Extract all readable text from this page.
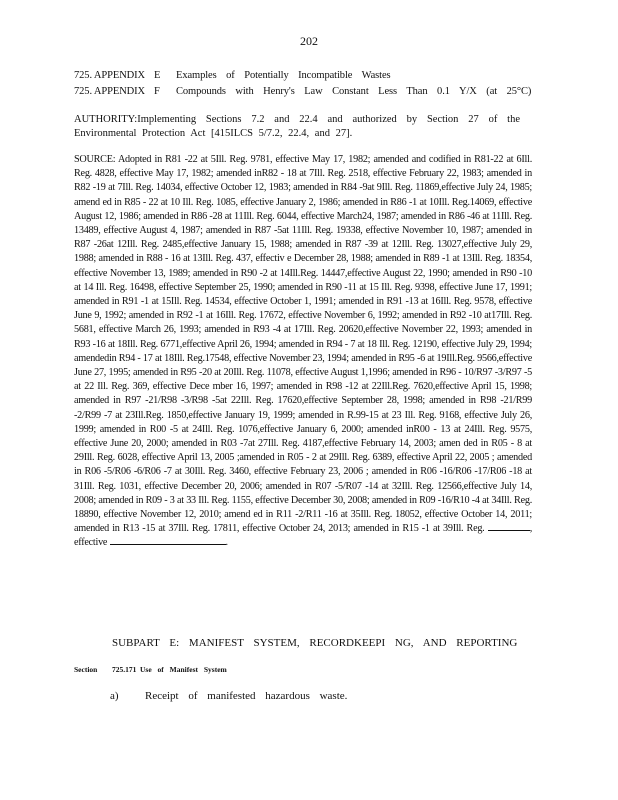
202
725. APPENDIX E Examples of Potentially Incompatible Wastes
725. APPENDIX F Compounds with Henry's Law Constant Less Than 0.1 Y/X (at 25°C)
AUTHORITY:Implementing Sections 7.2 and 22.4 and authorized by Section 27 of the Environmental Protection Act [415ILCS 5/7.2, 22.4, and 27].
SOURCE: Adopted in R81 -22 at 5Ill. Reg. 9781, effective May 17, 1982; amended and codified in R81-22 at 6Ill. Reg. 4828, effective May 17, 1982; amended inR82 - 18 at 7Ill. Reg. 2518, effective February 22, 1983; amended in R82 -19 at 7Ill. Reg. 14034, effective October 12, 1983; amended in R84 -9at 9Ill. Reg. 11869,effective July 24, 1985; amend ed in R85 - 22 at 10 Ill. Reg. 1085, effective January 2, 1986; amended in R86 -1 at 10Ill. Reg.14069, effective August 12, 1986; amended in R86 -28 at 11Ill. Reg. 6044, effective March24, 1987; amended in R86 -46 at 11Ill. Reg. 13489, effective August 4, 1987; amended in R87 -5at 11Ill. Reg. 19338, effective November 10, 1987; amended in R87 -26at 12Ill. Reg. 2485,effective January 15, 1988; amended in R87 -39 at 12Ill. Reg. 13027,effective July 29, 1988; amended in R88 - 16 at 13Ill. Reg. 437, effectiv e December 28, 1988; amended in R89 -1 at 13Ill. Reg. 18354, effective November 13, 1989; amended in R90 -2 at 14Ill.Reg. 14447,effective August 22, 1990; amended in R90 -10 at 14 Ill. Reg. 16498, effective September 25, 1990; amended in R90 -11 at 15 Ill. Reg. 9398, effective June 17, 1991; amended in R91 -1 at 15Ill. Reg. 14534, effective October 1, 1991; amended in R91 -13 at 16Ill. Reg. 9578, effective June 9, 1992; amended in R92 -1 at 16Ill. Reg. 17672, effective November 6, 1992; amended in R92 -10 at17Ill. Reg. 5681, effective March 26, 1993; amended in R93 -4 at 17Ill. Reg. 20620,effective November 22, 1993; amended in R93 -16 at 18Ill. Reg. 6771,effective April 26, 1994; amended in R94 - 7 at 18 Ill. Reg. 12190, effective July 29, 1994; amendedin R94 - 17 at 18Ill. Reg.17548, effective November 23, 1994; amended in R95 -6 at 19Ill.Reg. 9566,effective June 27, 1995; amended in R95 -20 at 20Ill. Reg. 11078, effective August 1,1996; amended in R96 - 10/R97 -3/R97 -5 at 22 Ill. Reg. 369, effective Dece mber 16, 1997; amended in R98 -12 at 22Ill.Reg. 7620,effective April 15, 1998; amended in R97 -21/R98 -3/R98 -5at 22Ill. Reg. 17620,effective September 28, 1998; amended in R98 -21/R99 -2/R99 -7 at 23Ill.Reg. 1850,effective January 19, 1999; amended in R.99-15 at 23 Ill. Reg. 9168, effective July 26, 1999; amended in R00 -5 at 24Ill. Reg. 1076,effective January 6, 2000; amended inR00 - 13 at 24Ill. Reg. 9575, effective June 20, 2000; amended in R03 -7at 27Ill. Reg. 4187,effective February 14, 2003; amen ded in R05 - 8 at 29Ill. Reg. 6028, effective April 13, 2005 ;amended in R05 - 2 at 29Ill. Reg. 6389, effective April 22, 2005 ; amended in R06 -5/R06 -6/R06 -7 at 30Ill. Reg. 3460, effective February 23, 2006 ; amended in R06 -16/R06 -17/R06 -18 at 31Ill. Reg. 1031, effective December 20, 2006; amended in R07 -5/R07 -14 at 32Ill. Reg. 12566,effective July 14, 2008; amended in R09 - 3 at 33 Ill. Reg. 1155, effective December 30, 2008; amended in R09 -16/R10 -4 at 34Ill. Reg. 18890, effective November 12, 2010; amend ed in R11 -2/R11 -16 at 35Ill. Reg. 18052, effective October 14, 2011; amended in R13 -15 at 37Ill. Reg. 17811, effective October 24, 2013; amended in R15 -1 at 39Ill. Reg.	, effective	.
SUBPART E: MANIFEST SYSTEM, RECORDKEEPI NG, AND REPORTING
Section 725.171 Use of Manifest System
a) Receipt of manifested hazardous waste.
